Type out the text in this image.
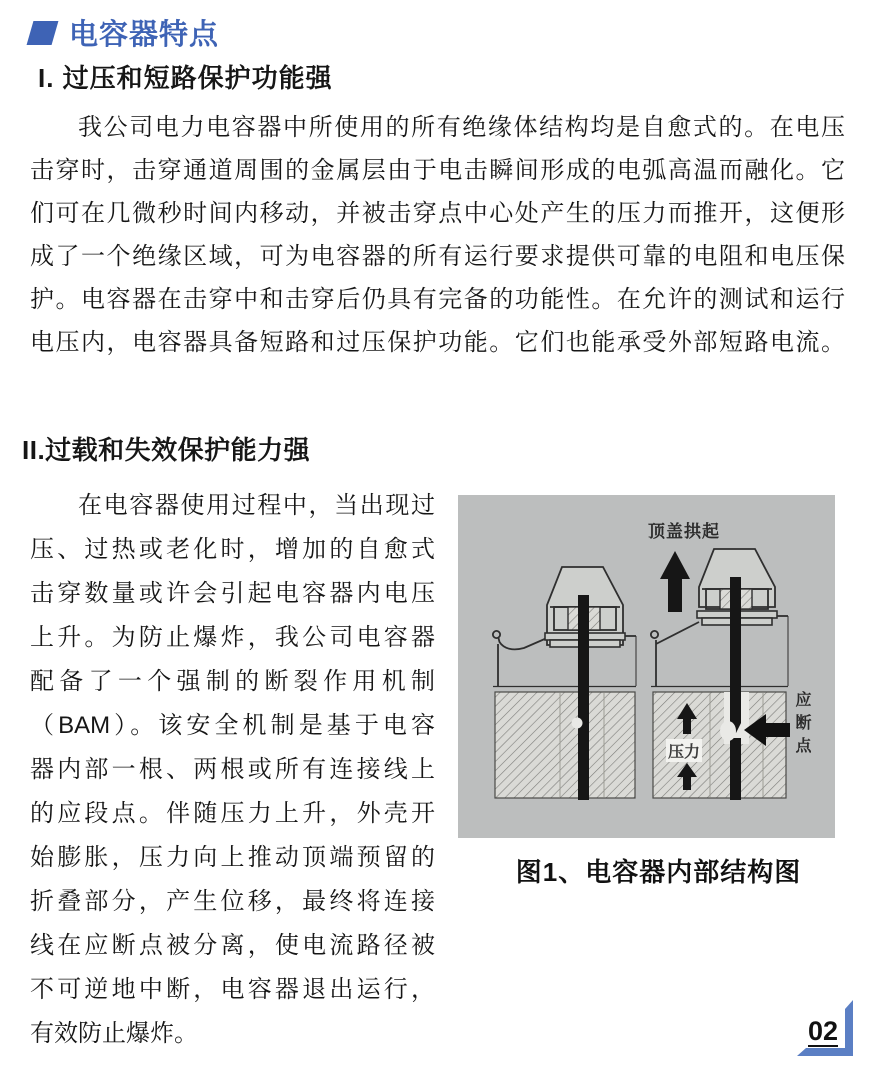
电容器特点
I. 过压和短路保护功能强
我公司电力电容器中所使用的所有绝缘体结构均是自愈式的。在电压
击穿时，击穿通道周围的金属层由于电击瞬间形成的电弧高温而融化。它
们可在几微秒时间内移动，并被击穿点中心处产生的压力而推开，这便形
成了一个绝缘区域，可为电容器的所有运行要求提供可靠的电阻和电压保
护。电容器在击穿中和击穿后仍具有完备的功能性。在允许的测试和运行
电压内，电容器具备短路和过压保护功能。它们也能承受外部短路电流。
II.过载和失效保护能力强
在电容器使用过程中，当出现过
压、过热或老化时，增加的自愈式
击穿数量或许会引起电容器内电压
上升。为防止爆炸，我公司电容器
配备了一个强制的断裂作用机制
（BAM）。该安全机制是基于电容
器内部一根、两根或所有连接线上
的应段点。伴随压力上升，外壳开
始膨胀，压力向上推动顶端预留的
折叠部分，产生位移，最终将连接
线在应断点被分离，使电流路径被
不可逆地中断，电容器退出运行，
有效防止爆炸。
顶盖拱起
压力	应断点
图1、电容器内部结构图
02
